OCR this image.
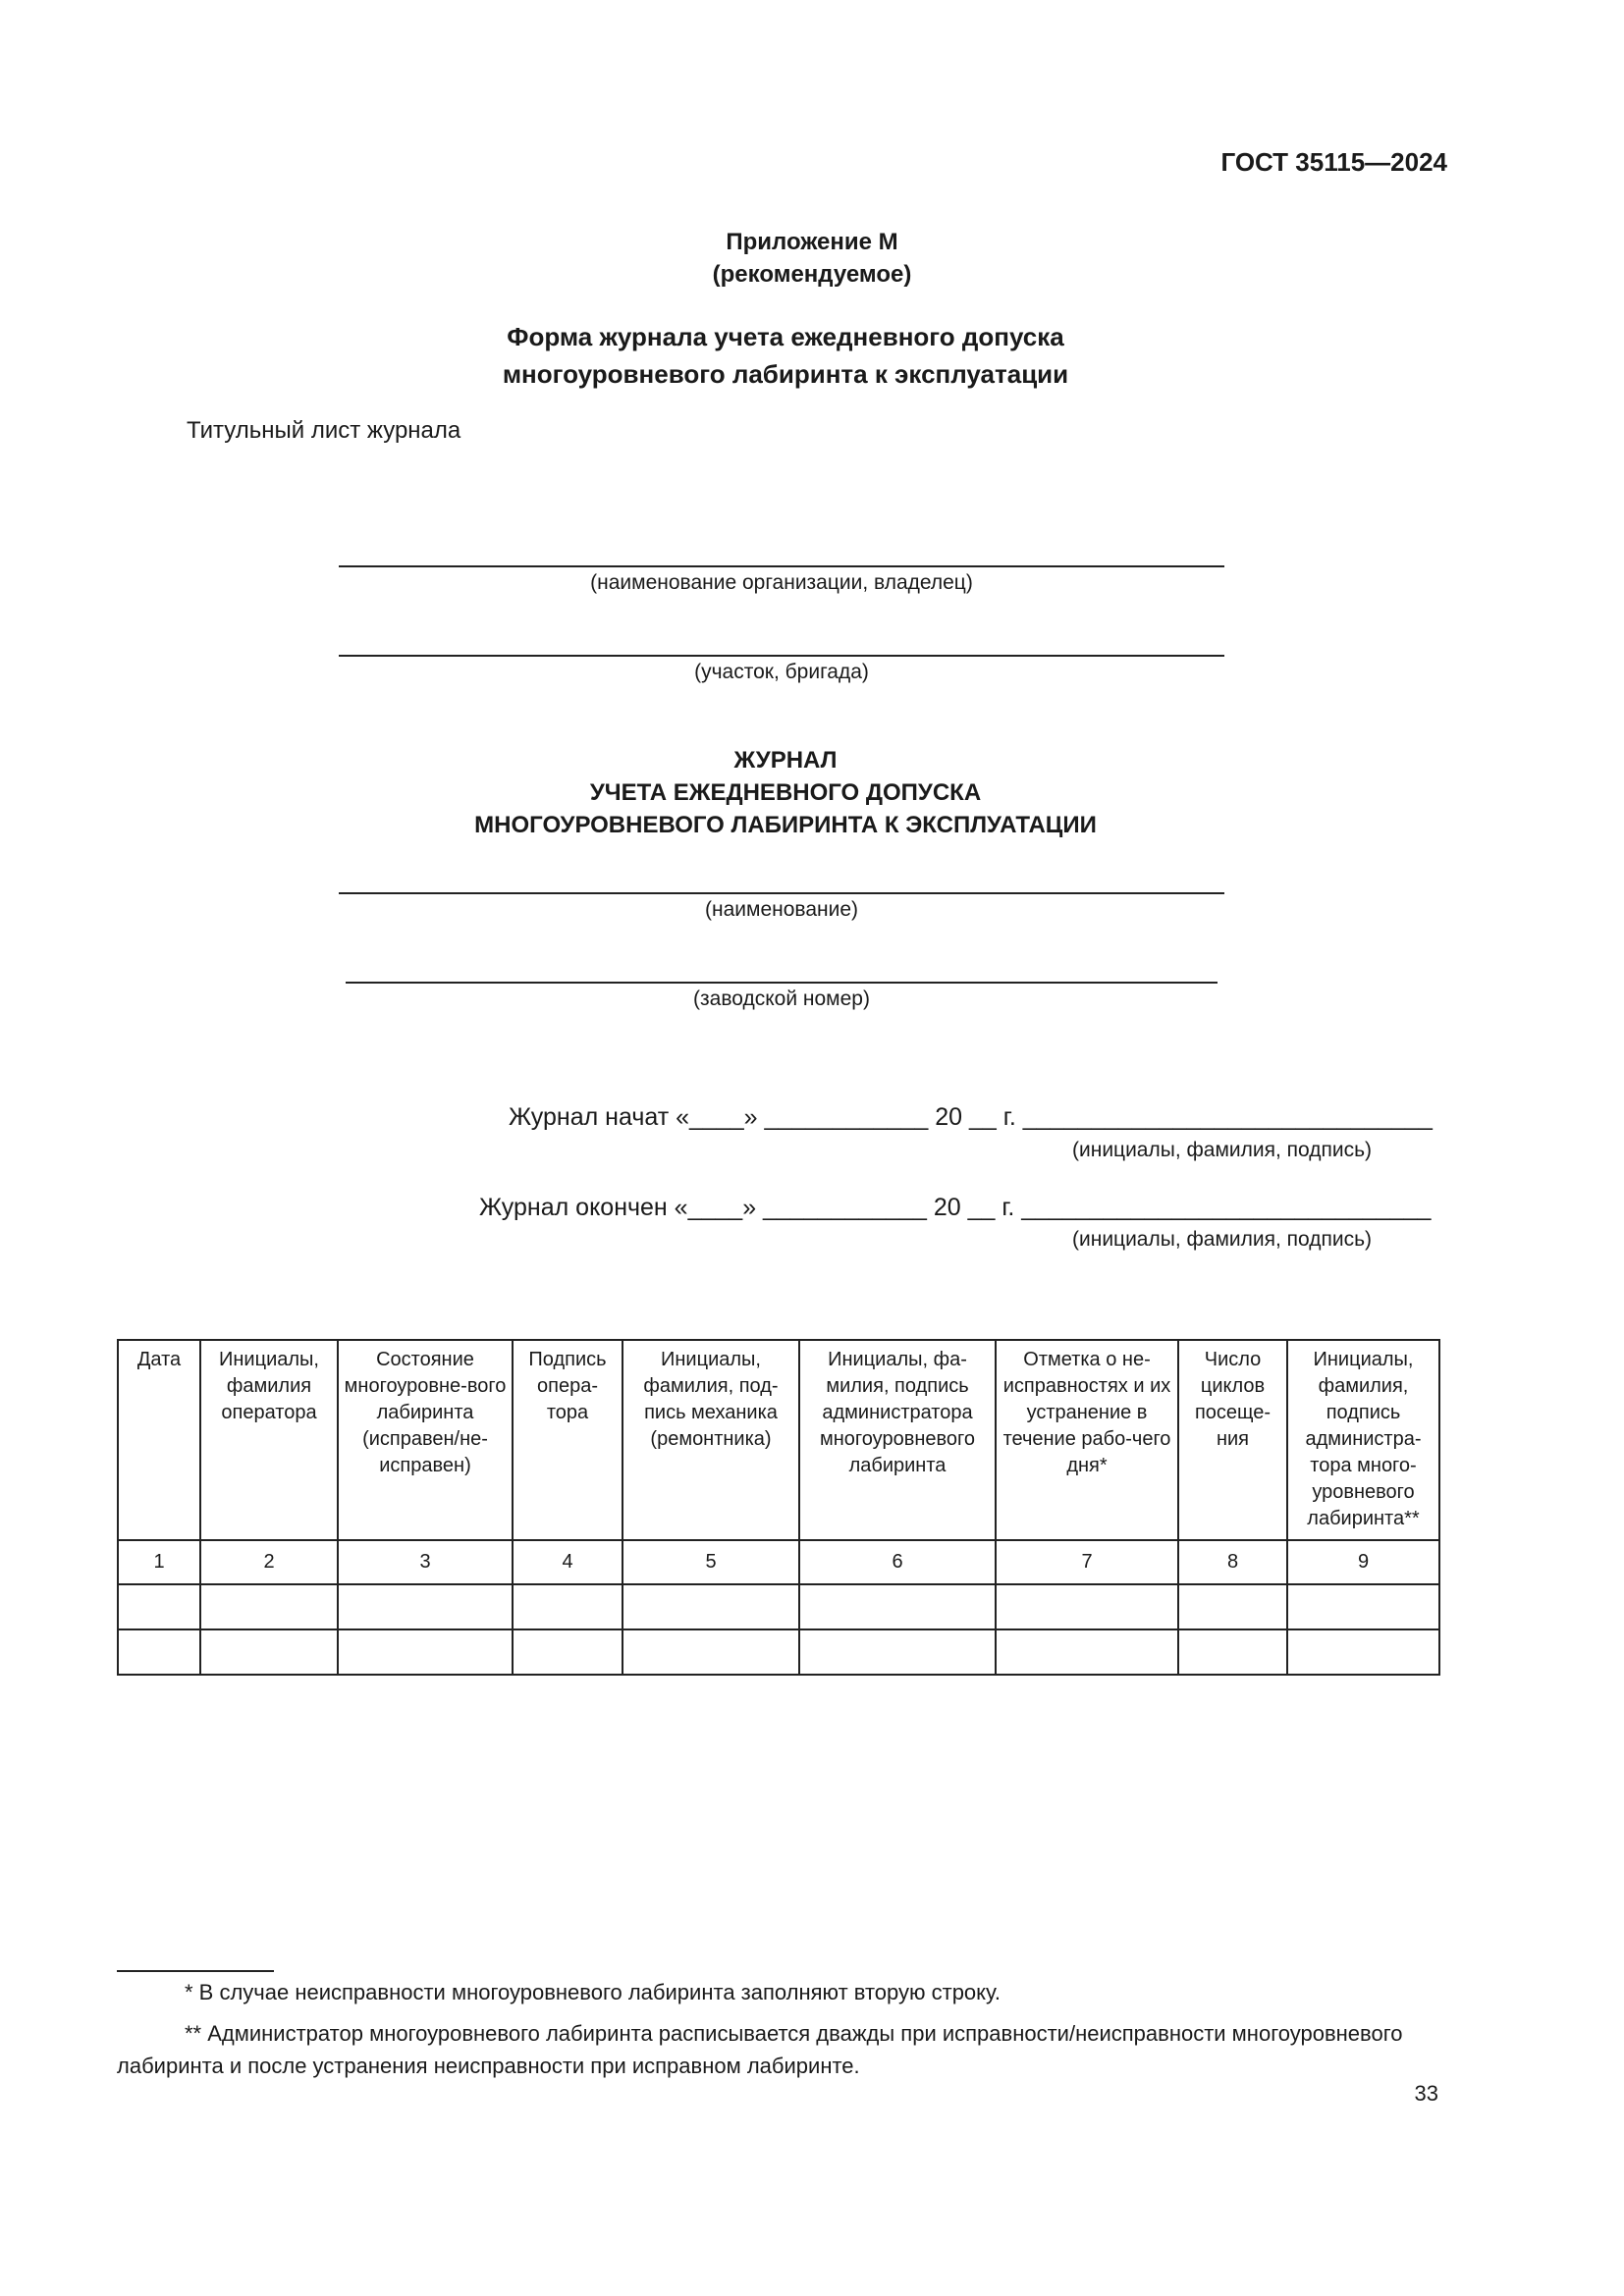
ГОСТ 35115—2024
Приложение М
(рекомендуемое)
Форма журнала учета ежедневного допуска
многоуровневого лабиринта к эксплуатации
Титульный лист журнала
(наименование организации, владелец)
(участок, бригада)
ЖУРНАЛ
УЧЕТА ЕЖЕДНЕВНОГО ДОПУСКА
МНОГОУРОВНЕВОГО ЛАБИРИНТА К ЭКСПЛУАТАЦИИ
(наименование)
(заводской номер)
Журнал начат «____» ____________ 20 __ г. ______________________________
(инициалы, фамилия, подпись)
Журнал окончен «____» ____________ 20 __ г. ______________________________
(инициалы, фамилия, подпись)
Дата	Инициалы, фамилия оператора	Состояние многоуровне-вого лабиринта (исправен/не-исправен)	Подпись опера-тора	Инициалы, фамилия, под-пись механика (ремонтника)	Инициалы, фа-милия, подпись администратора многоуровневого лабиринта	Отметка о не-исправностях и их устранение в течение рабо-чего дня*	Число циклов посеще-ния	Инициалы, фамилия, подпись администра-тора много-уровневого лабиринта**
1	2	3	4	5	6	7	8	9

* В случае неисправности многоуровневого лабиринта заполняют вторую строку.
** Администратор многоуровневого лабиринта расписывается дважды при исправности/неисправности многоуровневого лабиринта и после устранения неисправности при исправном лабиринте.
33
